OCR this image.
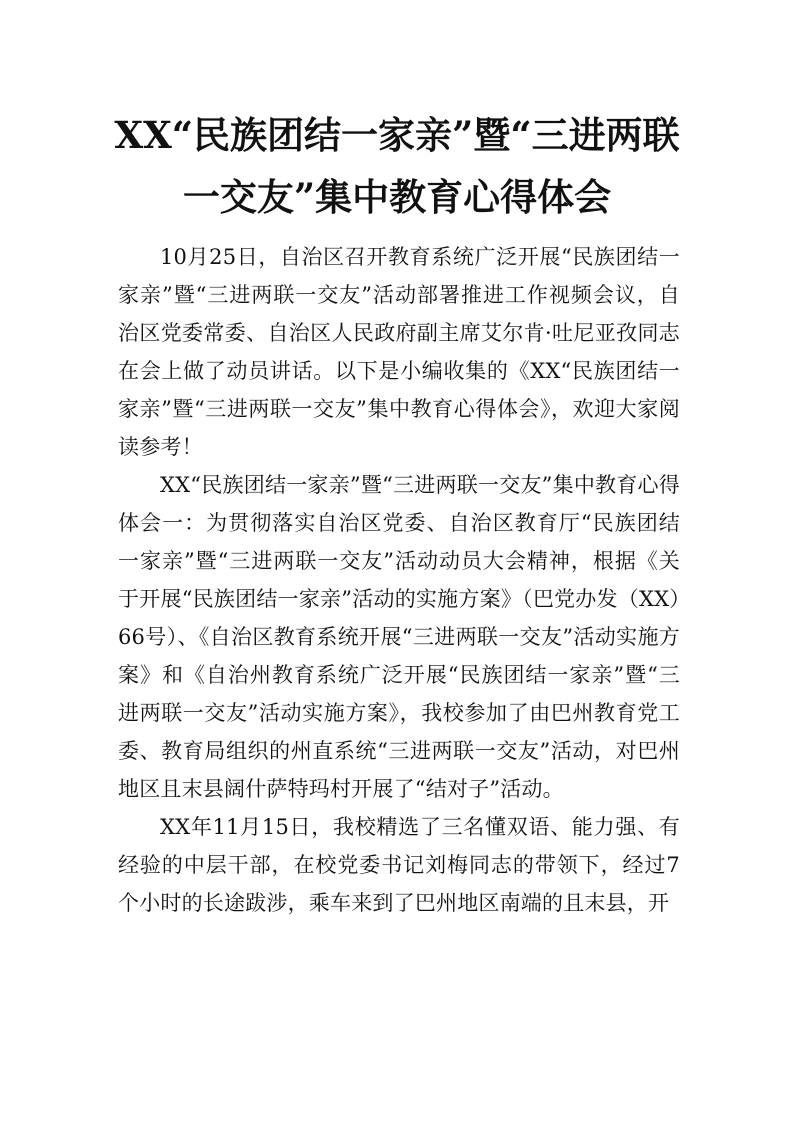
XX“民族团结一家亲”暨“三进两联
一交友”集中教育心得体会

10月25日，自治区召开教育系统广泛开展“民族团结一家亲”暨“三进两联一交友”活动部署推进工作视频会议，自治区党委常委、自治区人民政府副主席艾尔肯·吐尼亚孜同志在会上做了动员讲话。以下是小编收集的《XX“民族团结一家亲”暨“三进两联一交友”集中教育心得体会》，欢迎大家阅读参考！

XX“民族团结一家亲”暨“三进两联一交友”集中教育心得体会一：为贯彻落实自治区党委、自治区教育厅“民族团结一家亲”暨“三进两联一交友”活动动员大会精神，根据《关于开展“民族团结一家亲”活动的实施方案》（巴党办发（XX）66号）、《自治区教育系统开展“三进两联一交友”活动实施方案》和《自治州教育系统广泛开展“民族团结一家亲”暨“三进两联一交友”活动实施方案》，我校参加了由巴州教育党工委、教育局组织的州直系统“三进两联一交友”活动，对巴州地区且末县阔什萨特玛村开展了“结对子”活动。

XX年11月15日，我校精选了三名懂双语、能力强、有经验的中层干部，在校党委书记刘梅同志的带领下，经过7个小时的长途跋涉，乘车来到了巴州地区南端的且末县，开
